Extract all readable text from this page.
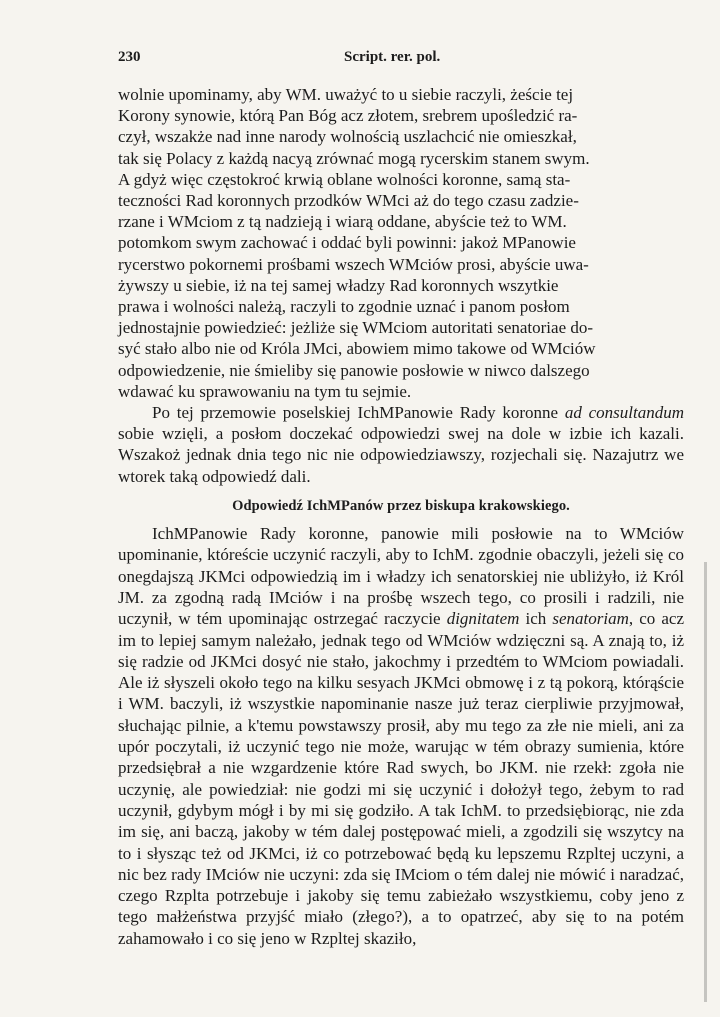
230	Script. rer. pol.

wolnie upominamy, aby WM. uważyć to u siebie raczyli, żeście tej

Korony synowie, którą Pan Bóg acz złotem, srebrem upośledzić ra-

czył, wszakże nad inne narody wolnością uszlachcić nie omieszkał,

tak się Polacy z każdą nacyą zrównać mogą rycerskim stanem swym.

A gdyż więc częstokroć krwią oblane wolności koronne, samą sta-

teczności Rad koronnych przodków WMci aż do tego czasu zadzie-

rzane i WMciom z tą nadzieją i wiarą oddane, abyście też to WM.

potomkom swym zachować i oddać byli powinni: jakoż MPanowie

rycerstwo pokornemi prośbami wszech WMciów prosi, abyście uwa-

żywszy u siebie, iż na tej samej władzy Rad koronnych wszytkie

prawa i wolności należą, raczyli to zgodnie uznać i panom posłom

jednostajnie powiedzieć: jeżliże się WMciom autoritati senatoriae do-

syć stało albo nie od Króla JMci, abowiem mimo takowe od WMciów

odpowiedzenie, nie śmieliby się panowie posłowie w niwco dalszego

wdawać ku sprawowaniu na tym tu sejmie.

Po tej przemowie poselskiej IchMPanowie Rady koronne ad consultandum sobie wzięli, a posłom doczekać odpowiedzi swej na dole w izbie ich kazali. Wszakoż jednak dnia tego nic nie odpowiedziawszy, rozjechali się. Nazajutrz we wtorek taką odpowiedź dali.

Odpowiedź IchMPanów przez biskupa krakowskiego.

IchMPanowie Rady koronne, panowie mili posłowie na to WMciów upominanie, któreście uczynić raczyli, aby to IchM. zgodnie obaczyli, jeżeli się co onegdajszą JKMci odpowiedzią im i władzy ich senatorskiej nie ubliżyło, iż Król JM. za zgodną radą IMciów i na prośbę wszech tego, co prosili i radzili, nie uczynił, w tém upominając ostrzegać raczycie dignitatem ich senatoriam, co acz im to lepiej samym należało, jednak tego od WMciów wdzięczni są. A znają to, iż się radzie od JKMci dosyć nie stało, jakochmy i przedtém to WMciom powiadali. Ale iż słyszeli około tego na kilku sesyach JKMci obmowę i z tą pokorą, którąście i WM. baczyli, iż wszystkie napominanie nasze już teraz cierpliwie przyjmował, słuchając pilnie, a k'temu powstawszy prosił, aby mu tego za złe nie mieli, ani za upór poczytali, iż uczynić tego nie może, warując w tém obrazy sumienia, które przedsiębrał a nie wzgardzenie które Rad swych, bo JKM. nie rzekł: zgoła nie uczynię, ale powiedział: nie godzi mi się uczynić i dołożył tego, żebym to rad uczynił, gdybym mógł i by mi się godziło. A tak IchM. to przedsiębiorąc, nie zda im się, ani baczą, jakoby w tém dalej postępować mieli, a zgodzili się wszytcy na to i słysząc też od JKMci, iż co potrzebować będą ku lepszemu Rzpltej uczyni, a nic bez rady IMciów nie uczyni: zda się IMciom o tém dalej nie mówić i naradzać, czego Rzplta potrzebuje i jakoby się temu zabieżało wszystkiemu, coby jeno z tego małżeństwa przyjść miało (złego?), a to opatrzeć, aby się to na potém zahamowało i co się jeno w Rzpltej skaziło,
